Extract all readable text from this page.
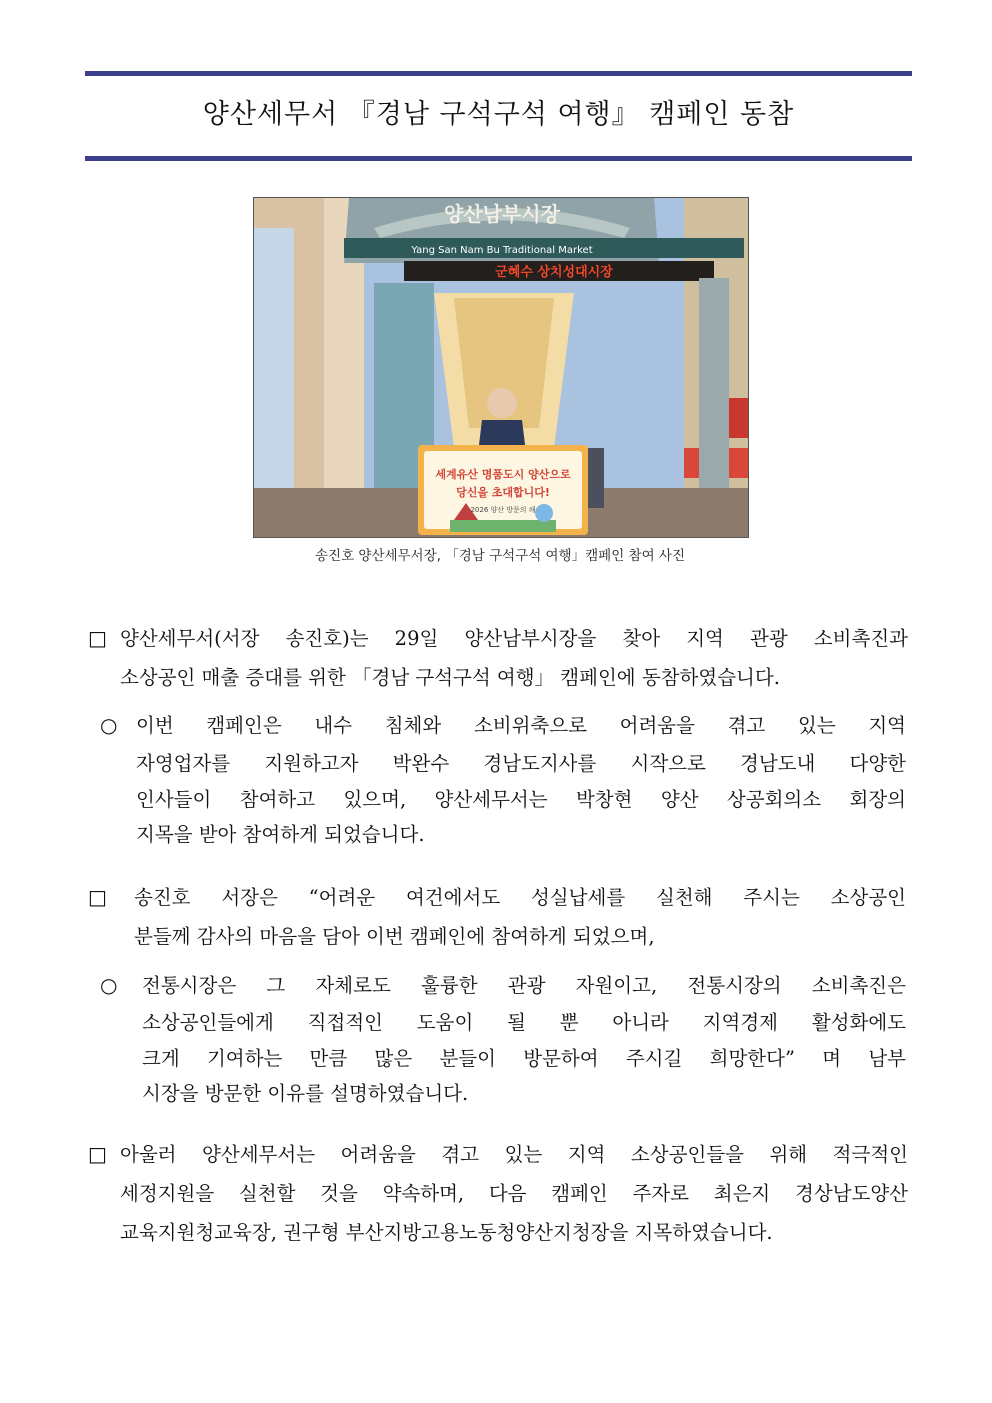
양산세무서 『경남 구석구석 여행』 캠페인 동참
양산남부시장
Yang San Nam Bu Traditional Market
군혜수 상치성대시장
세계유산 명품도시 양산으로
당신을 초대합니다!
2026 양산 방문의 해
송진호 양산세무서장, 「경남 구석구석 여행」캠페인 참여 사진
□ 양산세무서(서장 송진호)는 29일 양산남부시장을 찾아 지역 관광 소비촉진과
소상공인 매출 증대를 위한 「경남 구석구석 여행」 캠페인에 동참하였습니다.
○ 이번 캠페인은 내수 침체와 소비위축으로 어려움을 겪고 있는 지역
자영업자를 지원하고자 박완수 경남도지사를 시작으로 경남도내 다양한
인사들이 참여하고 있으며, 양산세무서는 박창현 양산 상공회의소 회장의
지목을 받아 참여하게 되었습니다.
□ 송진호 서장은 “어려운 여건에서도 성실납세를 실천해 주시는 소상공인
분들께 감사의 마음을 담아 이번 캠페인에 참여하게 되었으며,
○ 전통시장은 그 자체로도 훌륭한 관광 자원이고, 전통시장의 소비촉진은
소상공인들에게 직접적인 도움이 될 뿐 아니라 지역경제 활성화에도
크게 기여하는 만큼 많은 분들이 방문하여 주시길 희망한다” 며 남부
시장을 방문한 이유를 설명하였습니다.
□ 아울러 양산세무서는 어려움을 겪고 있는 지역 소상공인들을 위해 적극적인
세정지원을 실천할 것을 약속하며, 다음 캠페인 주자로 최은지 경상남도양산
교육지원청교육장, 권구형 부산지방고용노동청양산지청장을 지목하였습니다.
